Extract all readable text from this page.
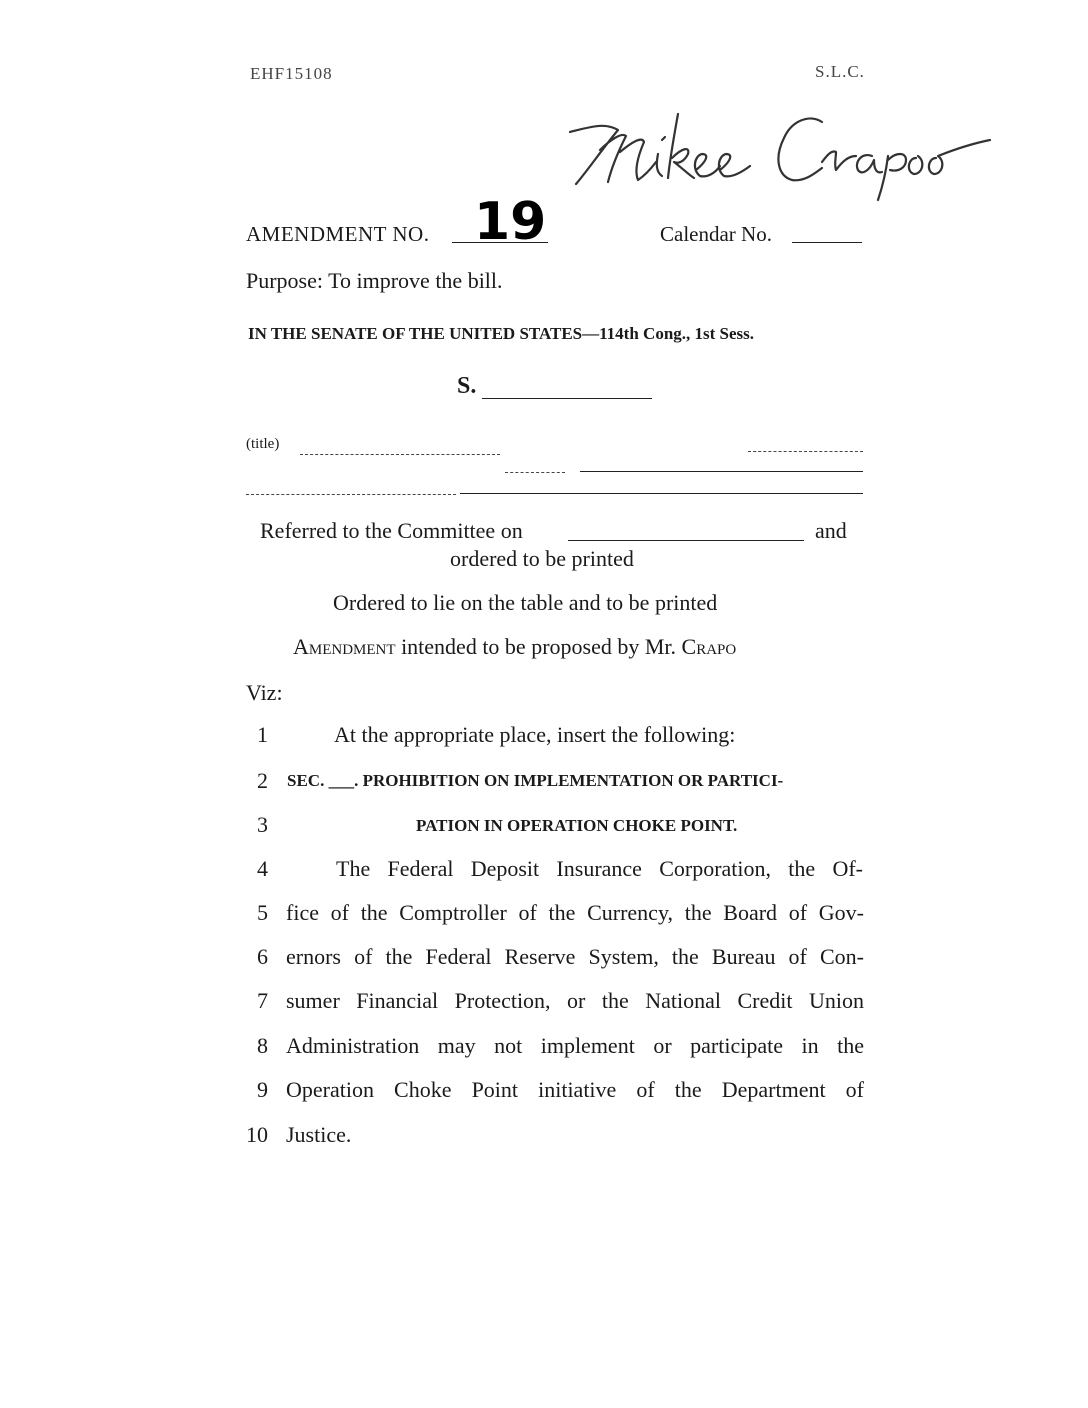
EHF15108	S.L.C.
AMENDMENT NO. 19	Calendar No.
Purpose: To improve the bill.
IN THE SENATE OF THE UNITED STATES—114th Cong., 1st Sess.
S.
(title)
Referred to the Committee on	and
ordered to be printed
Ordered to lie on the table and to be printed
Amendment intended to be proposed by Mr. Crapo
Viz:
1	At the appropriate place, insert the following:
2 SEC. ___. PROHIBITION ON IMPLEMENTATION OR PARTICI-
3	PATION IN OPERATION CHOKE POINT.
4	The Federal Deposit Insurance Corporation, the Of-
5 fice of the Comptroller of the Currency, the Board of Gov-
6 ernors of the Federal Reserve System, the Bureau of Con-
7 sumer Financial Protection, or the National Credit Union
8 Administration may not implement or participate in the
9 Operation Choke Point initiative of the Department of
10 Justice.
